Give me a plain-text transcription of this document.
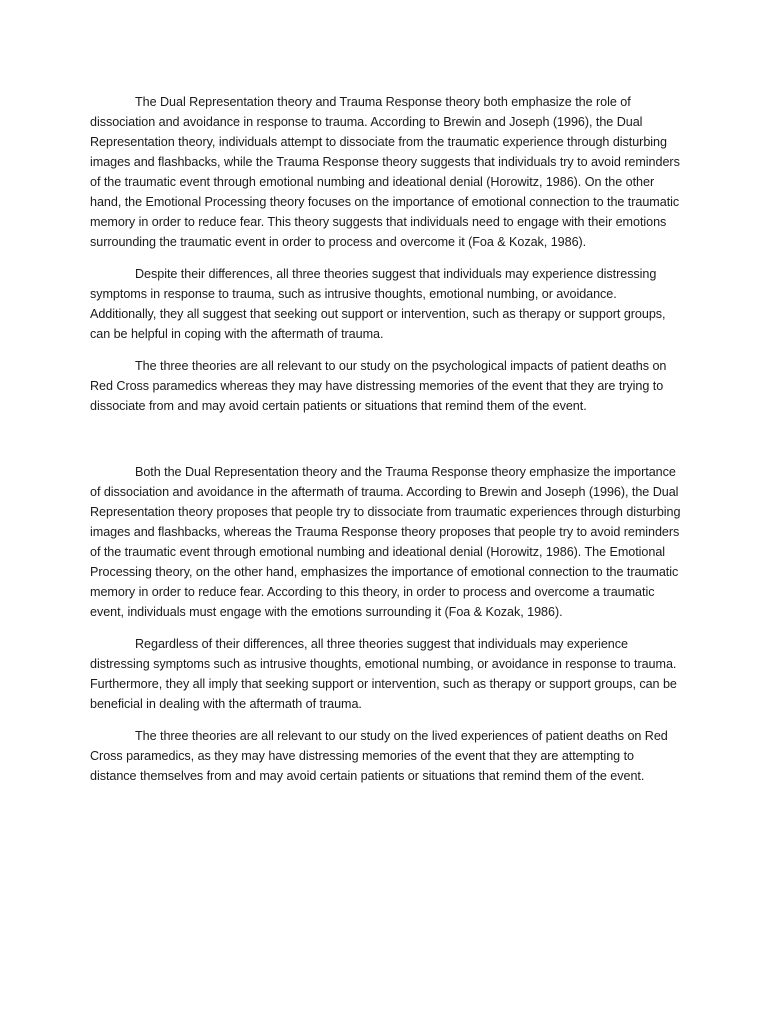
The Dual Representation theory and Trauma Response theory both emphasize the role of dissociation and avoidance in response to trauma. According to Brewin and Joseph (1996), the Dual Representation theory, individuals attempt to dissociate from the traumatic experience through disturbing images and flashbacks, while the Trauma Response theory suggests that individuals try to avoid reminders of the traumatic event through emotional numbing and ideational denial (Horowitz, 1986). On the other hand, the Emotional Processing theory focuses on the importance of emotional connection to the traumatic memory in order to reduce fear. This theory suggests that individuals need to engage with their emotions surrounding the traumatic event in order to process and overcome it (Foa & Kozak, 1986).

Despite their differences, all three theories suggest that individuals may experience distressing symptoms in response to trauma, such as intrusive thoughts, emotional numbing, or avoidance. Additionally, they all suggest that seeking out support or intervention, such as therapy or support groups, can be helpful in coping with the aftermath of trauma.

The three theories are all relevant to our study on the psychological impacts of patient deaths on Red Cross paramedics whereas they may have distressing memories of the event that they are trying to dissociate from and may avoid certain patients or situations that remind them of the event.

Both the Dual Representation theory and the Trauma Response theory emphasize the importance of dissociation and avoidance in the aftermath of trauma. According to Brewin and Joseph (1996), the Dual Representation theory proposes that people try to dissociate from traumatic experiences through disturbing images and flashbacks, whereas the Trauma Response theory proposes that people try to avoid reminders of the traumatic event through emotional numbing and ideational denial (Horowitz, 1986). The Emotional Processing theory, on the other hand, emphasizes the importance of emotional connection to the traumatic memory in order to reduce fear. According to this theory, in order to process and overcome a traumatic event, individuals must engage with the emotions surrounding it (Foa & Kozak, 1986).

Regardless of their differences, all three theories suggest that individuals may experience distressing symptoms such as intrusive thoughts, emotional numbing, or avoidance in response to trauma. Furthermore, they all imply that seeking support or intervention, such as therapy or support groups, can be beneficial in dealing with the aftermath of trauma.

The three theories are all relevant to our study on the lived experiences of patient deaths on Red Cross paramedics, as they may have distressing memories of the event that they are attempting to distance themselves from and may avoid certain patients or situations that remind them of the event.
